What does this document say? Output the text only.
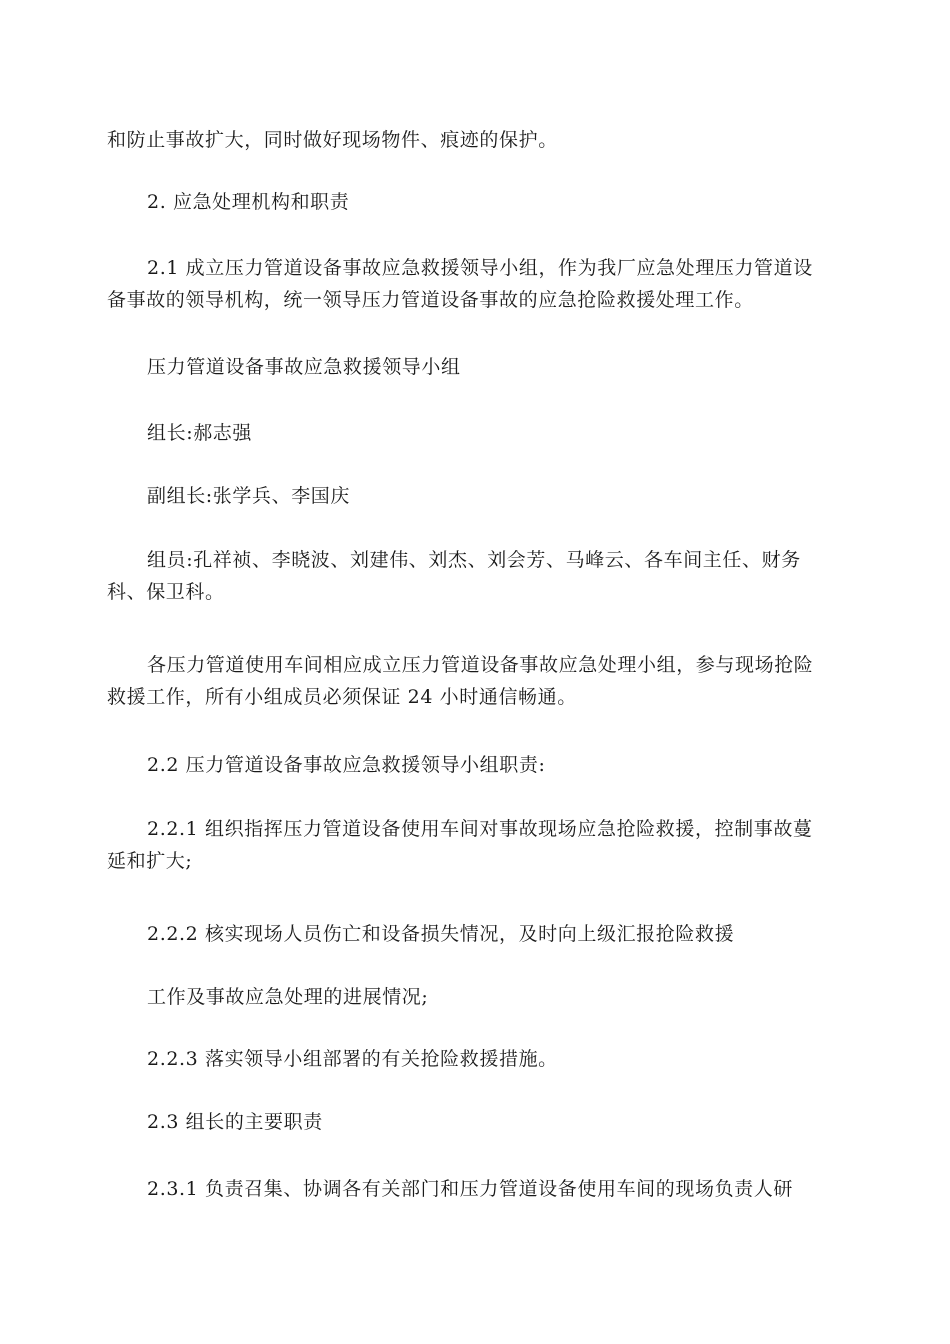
和防止事故扩大，同时做好现场物件、痕迹的保护。

2. 应急处理机构和职责

2.1 成立压力管道设备事故应急救援领导小组，作为我厂应急处理压力管道设
备事故的领导机构，统一领导压力管道设备事故的应急抢险救援处理工作。

压力管道设备事故应急救援领导小组

组长:郝志强

副组长:张学兵、李国庆

组员:孔祥祯、李晓波、刘建伟、刘杰、刘会芳、马峰云、各车间主任、财务
科、保卫科。

各压力管道使用车间相应成立压力管道设备事故应急处理小组，参与现场抢险
救援工作，所有小组成员必须保证 24 小时通信畅通。

2.2 压力管道设备事故应急救援领导小组职责:

2.2.1 组织指挥压力管道设备使用车间对事故现场应急抢险救援，控制事故蔓
延和扩大;

2.2.2 核实现场人员伤亡和设备损失情况，及时向上级汇报抢险救援

工作及事故应急处理的进展情况;

2.2.3 落实领导小组部署的有关抢险救援措施。

2.3 组长的主要职责

2.3.1 负责召集、协调各有关部门和压力管道设备使用车间的现场负责人研
